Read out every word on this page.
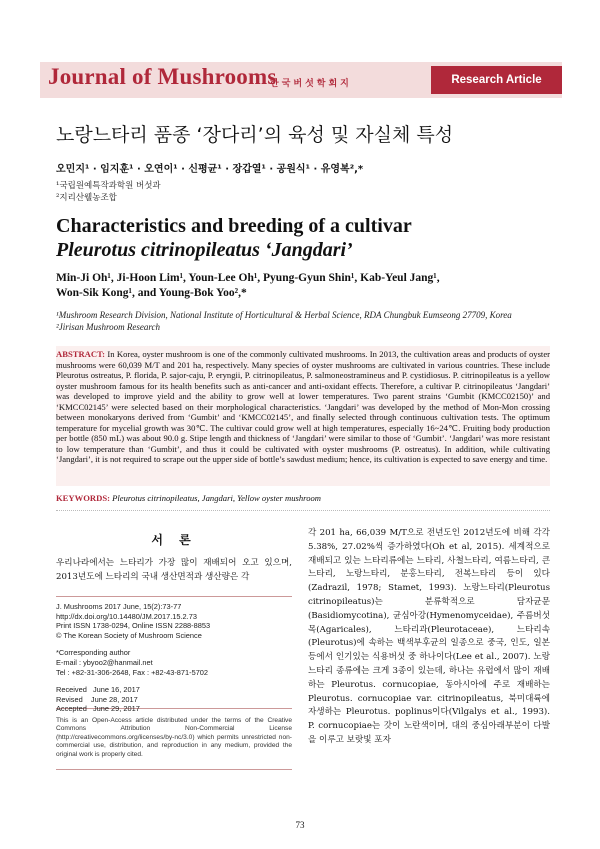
Journal of Mushrooms
한국버섯학회지	Research Article
노랑느타리 품종 ‘장다리’의 육성 및 자실체 특성
오민지¹ · 임지훈¹ · 오연이¹ · 신평균¹ · 장갑열¹ · 공원식¹ · 유영복²,*
¹국립원예특작과학원 버섯과
²지리산웰농조합
Characteristics and breeding of a cultivar
Pleurotus citrinopileatus ‘Jangdari’
Min-Ji Oh¹, Ji-Hoon Lim¹, Youn-Lee Oh¹, Pyung-Gyun Shin¹, Kab-Yeul Jang¹,
Won-Sik Kong¹, and Young-Bok Yoo²,*
¹Mushroom Research Division, National Institute of Horticultural & Herbal Science, RDA Chungbuk Eumseong 27709, Korea
²Jirisan Mushroom Research
ABSTRACT: In Korea, oyster mushroom is one of the commonly cultivated mushrooms. In 2013, the cultivation areas and products of oyster mushrooms were 60,039 M/T and 201 ha, respectively. Many species of oyster mushrooms are cultivated in various countries. These include Pleurotus ostreatus, P. florida, P. sajor-caju, P. eryngii, P. citrinopileatus, P. salmoneostramineus and P. cystidiosus. P. citrinopileatus is a yellow oyster mushroom famous for its health benefits such as anti-cancer and anti-oxidant effects. Therefore, a cultivar P. citrinopileatus ‘Jangdari’ was developed to improve yield and the ability to grow well at lower temperatures. Two parent strains ‘Gumbit (KMCC02150)’ and ‘KMCC02145’ were selected based on their morphological characteristics. ‘Jangdari’ was developed by the method of Mon-Mon crossing between monokaryons derived from ‘Gumbit’ and ‘KMCC02145’, and finally selected through continuous cultivation tests. The optimum temperature for mycelial growth was 30℃. The cultivar could grow well at high temperatures, especially 16~24℃. Fruiting body production per bottle (850 mL) was about 90.0 g. Stipe length and thickness of ‘Jangdari’ were similar to those of ‘Gumbit’. ‘Jangdari’ was more resistant to low temperature than ‘Gumbit’, and thus it could be cultivated with oyster mushrooms (P. ostreatus). In addition, while cultivating ‘Jangdari’, it is not required to scrape out the upper side of bottle’s sawdust medium; hence, its cultivation is expected to save energy and time.
KEYWORDS: Pleurotus citrinopileatus, Jangdari, Yellow oyster mushroom
서 론
우리나라에서는 느타리가 가장 많이 재배되어 오고 있으며, 2013년도에 느타리의 국내 생산면적과 생산량은 각
J. Mushrooms 2017 June, 15(2):73-77
http://dx.doi.org/10.14480/JM.2017.15.2.73
Print ISSN 1738-0294, Online ISSN 2288-8853
© The Korean Society of Mushroom Science
*Corresponding author
E-mail : ybyoo2@hanmail.net
Tel : +82-31-306-2648, Fax : +82-43-871-5702
Received   June 16, 2017
Revised    June 28, 2017
Accepted   June 29, 2017
This is an Open-Access article distributed under the terms of the Creative Commons Attribution Non-Commercial License (http://creativecommons.org/licenses/by-nc/3.0) which permits unrestricted non-commercial use, distribution, and reproduction in any medium, provided the original work is properly cited.
각 201 ha, 66,039 M/T으로 전년도인 2012년도에 비해 각각 5.38%, 27.02%씩 증가하였다(Oh et al, 2015). 세계적으로 재배되고 있는 느타리류에는 느타리, 사철느타리, 여름느타리, 큰느타리, 노랑느타리, 분홍느타리, 전복느타리 등이 있다(Zadrazil, 1978; Stamet, 1993). 노랑느타리(Pleurotus citrinopileatus)는 분류학적으로 담자균문(Basidiomycotina), 균심아강(Hymenomyceidae), 주름버섯목(Agaricales), 느타리과(Pleurotaceae), 느타리속(Pleurotus)에 속하는 백색부후균의 일종으로 중국, 인도, 일본 등에서 인기있는 식용버섯 중 하나이다(Lee et al., 2007). 노랑느타리 종류에는 크게 3종이 있는데, 하나는 유럽에서 많이 재배하는 Pleurotus. cornucopiae, 동아시아에 주로 재배하는 Pleurotus. cornucopiae var. citrinopileatus, 북미대륙에 자생하는 Pleurotus. poplinus이다(Vilgalys et al., 1993). P. cornucopiae는 갓이 노란색이며, 대의 중심아래부분이 다발을 이루고 보랏빛 포자
73
